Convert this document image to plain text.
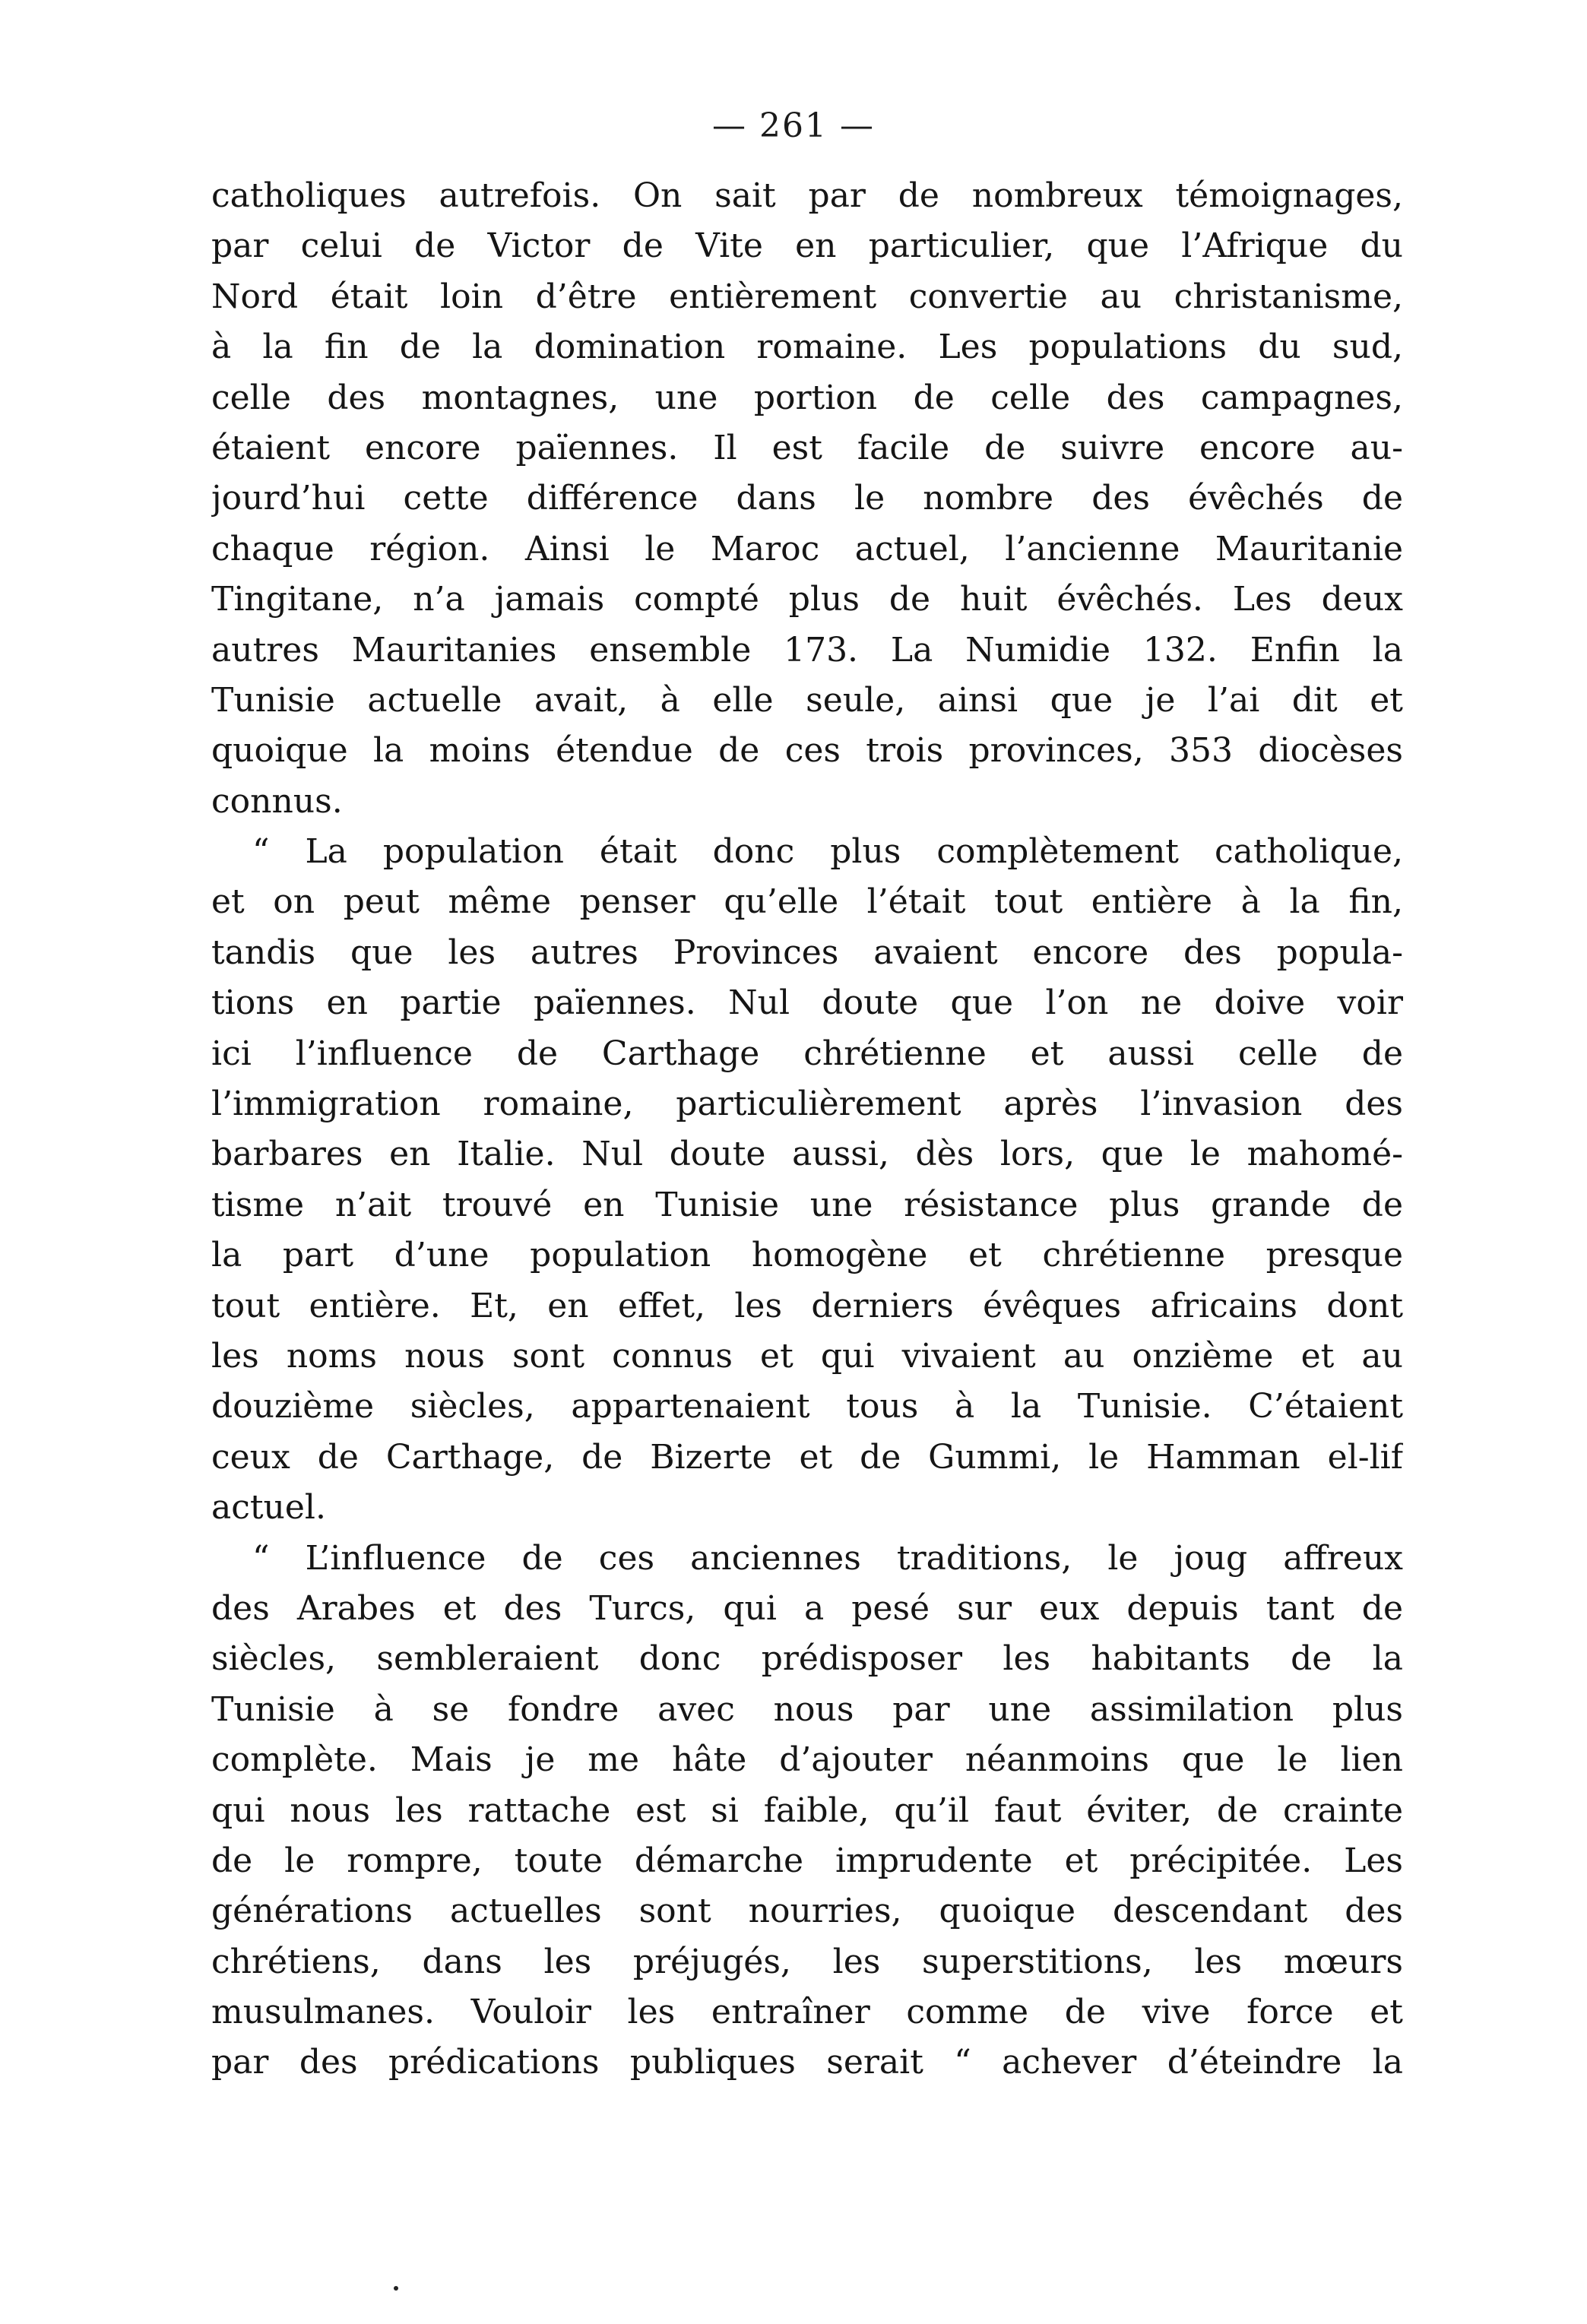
— 261 —
catholiques autrefois. On sait par de nombreux témoignages,
par celui de Victor de Vite en particulier, que l’Afrique du
Nord était loin d’être entièrement convertie au christanisme,
à la fin de la domination romaine. Les populations du sud,
celle des montagnes, une portion de celle des campagnes,
étaient encore païennes. Il est facile de suivre encore au-
jourd’hui cette différence dans le nombre des évêchés de
chaque région. Ainsi le Maroc actuel, l’ancienne Mauritanie
Tingitane, n’a jamais compté plus de huit évêchés. Les deux
autres Mauritanies ensemble 173. La Numidie 132. Enfin la
Tunisie actuelle avait, à elle seule, ainsi que je l’ai dit et
quoique la moins étendue de ces trois provinces, 353 diocèses
connus.
“ La population était donc plus complètement catholique,
et on peut même penser qu’elle l’était tout entière à la fin,
tandis que les autres Provinces avaient encore des popula-
tions en partie païennes. Nul doute que l’on ne doive voir
ici l’influence de Carthage chrétienne et aussi celle de
l’immigration romaine, particulièrement après l’invasion des
barbares en Italie. Nul doute aussi, dès lors, que le mahomé-
tisme n’ait trouvé en Tunisie une résistance plus grande de
la part d’une population homogène et chrétienne presque
tout entière. Et, en effet, les derniers évêques africains dont
les noms nous sont connus et qui vivaient au onzième et au
douzième siècles, appartenaient tous à la Tunisie. C’étaient
ceux de Carthage, de Bizerte et de Gummi, le Hamman el-lif
actuel.
“ L’influence de ces anciennes traditions, le joug affreux
des Arabes et des Turcs, qui a pesé sur eux depuis tant de
siècles, sembleraient donc prédisposer les habitants de la
Tunisie à se fondre avec nous par une assimilation plus
complète. Mais je me hâte d’ajouter néanmoins que le lien
qui nous les rattache est si faible, qu’il faut éviter, de crainte
de le rompre, toute démarche imprudente et précipitée. Les
générations actuelles sont nourries, quoique descendant des
chrétiens, dans les préjugés, les superstitions, les mœurs
musulmanes. Vouloir les entraîner comme de vive force et
par des prédications publiques serait “ achever d’éteindre la
